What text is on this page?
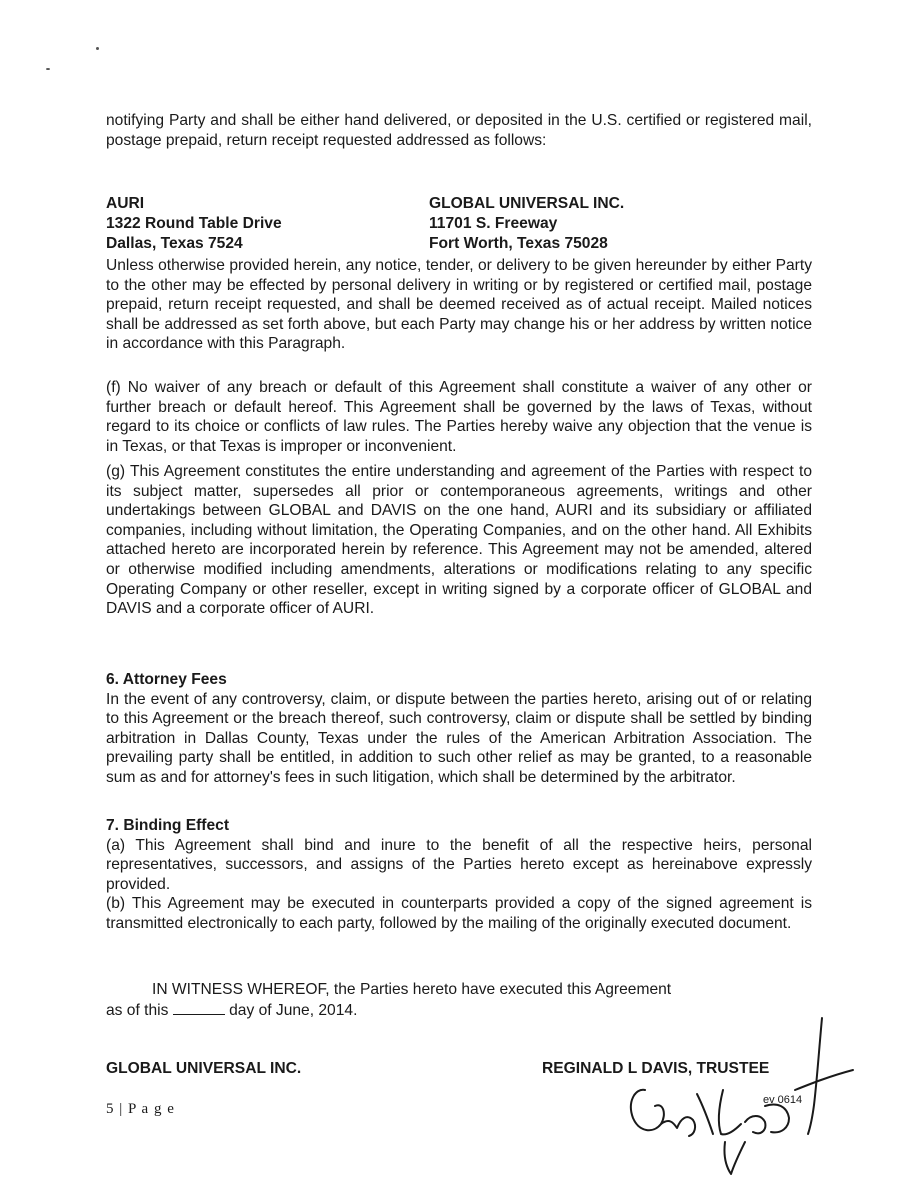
notifying Party and shall be either hand delivered, or deposited in the U.S. certified or registered mail, postage prepaid, return receipt requested addressed as follows:

AURI
1322 Round Table Drive
Dallas, Texas 7524
GLOBAL UNIVERSAL INC.
11701 S. Freeway
Fort Worth, Texas 75028

Unless otherwise provided herein, any notice, tender, or delivery to be given hereunder by either Party to the other may be effected by personal delivery in writing or by registered or certified mail, postage prepaid, return receipt requested, and shall be deemed received as of actual receipt. Mailed notices shall be addressed as set forth above, but each Party may change his or her address by written notice in accordance with this Paragraph.

(f) No waiver of any breach or default of this Agreement shall constitute a waiver of any other or further breach or default hereof. This Agreement shall be governed by the laws of Texas, without regard to its choice or conflicts of law rules. The Parties hereby waive any objection that the venue is in Texas, or that Texas is improper or inconvenient.

(g) This Agreement constitutes the entire understanding and agreement of the Parties with respect to its subject matter, supersedes all prior or contemporaneous agreements, writings and other undertakings between GLOBAL and DAVIS on the one hand, AURI and its subsidiary or affiliated companies, including without limitation, the Operating Companies, and on the other hand. All Exhibits attached hereto are incorporated herein by reference. This Agreement may not be amended, altered or otherwise modified including amendments, alterations or modifications relating to any specific Operating Company or other reseller, except in writing signed by a corporate officer of GLOBAL and DAVIS and a corporate officer of AURI.

6. Attorney Fees
In the event of any controversy, claim, or dispute between the parties hereto, arising out of or relating to this Agreement or the breach thereof, such controversy, claim or dispute shall be settled by binding arbitration in Dallas County, Texas under the rules of the American Arbitration Association. The prevailing party shall be entitled, in addition to such other relief as may be granted, to a reasonable sum as and for attorney's fees in such litigation, which shall be determined by the arbitrator.
7. Binding Effect
(a) This Agreement shall bind and inure to the benefit of all the respective heirs, personal representatives, successors, and assigns of the Parties hereto except as hereinabove expressly provided.
(b) This Agreement may be executed in counterparts provided a copy of the signed agreement is transmitted electronically to each party, followed by the mailing of the originally executed document.
IN WITNESS WHEREOF, the Parties hereto have executed this Agreement
as of this	day of June, 2014.
GLOBAL UNIVERSAL INC.	REGINALD L DAVIS, TRUSTEE
ev 0614
5 | P a g e
